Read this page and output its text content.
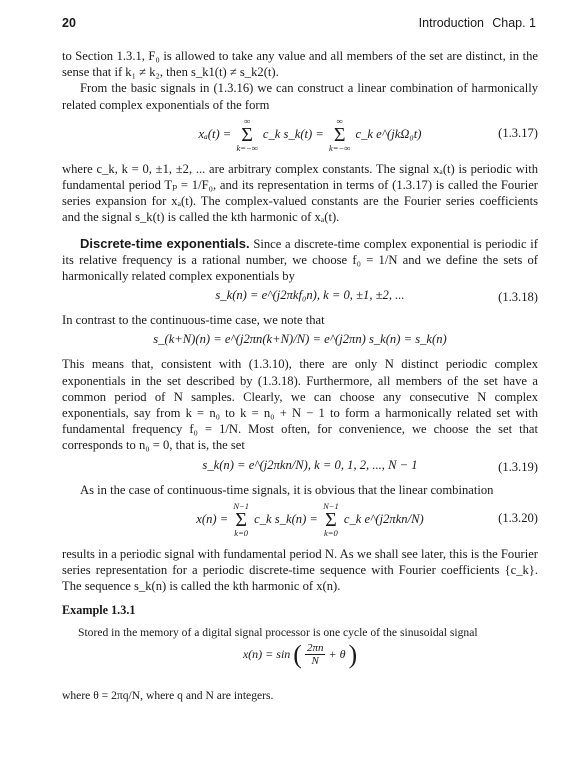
20	Introduction Chap. 1

to Section 1.3.1, F₀ is allowed to take any value and all members of the set are distinct, in the sense that if k₁ ≠ k₂, then s_k1(t) ≠ s_k2(t).

From the basic signals in (1.3.16) we can construct a linear combination of harmonically related complex exponentials of the form

xₐ(t) = ∞
Σ
k=−∞ c_k s_k(t) = ∞
Σ
k=−∞ c_k e^(jkΩ₀t)	(1.3.17)

where c_k, k = 0, ±1, ±2, ... are arbitrary complex constants. The signal xₐ(t) is periodic with fundamental period Tₚ = 1/F₀, and its representation in terms of (1.3.17) is called the Fourier series expansion for xₐ(t). The complex-valued constants are the Fourier series coefficients and the signal s_k(t) is called the kth harmonic of xₐ(t).

Discrete-time exponentials. Since a discrete-time complex exponential is periodic if its relative frequency is a rational number, we choose f₀ = 1/N and we define the sets of harmonically related complex exponentials by

s_k(n) = e^(j2πkf₀n), k = 0, ±1, ±2, ...	(1.3.18)

In contrast to the continuous-time case, we note that

s_(k+N)(n) = e^(j2πn(k+N)/N) = e^(j2πn) s_k(n) = s_k(n)

This means that, consistent with (1.3.10), there are only N distinct periodic complex exponentials in the set described by (1.3.18). Furthermore, all members of the set have a common period of N samples. Clearly, we can choose any consecutive N complex exponentials, say from k = n₀ to k = n₀ + N − 1 to form a harmonically related set with fundamental frequency f₀ = 1/N. Most often, for convenience, we choose the set that corresponds to n₀ = 0, that is, the set

s_k(n) = e^(j2πkn/N), k = 0, 1, 2, ..., N − 1	(1.3.19)

As in the case of continuous-time signals, it is obvious that the linear combination

x(n) = N−1
Σ
k=0 c_k s_k(n) = N−1
Σ
k=0 c_k e^(j2πkn/N)	(1.3.20)

results in a periodic signal with fundamental period N. As we shall see later, this is the Fourier series representation for a periodic discrete-time sequence with Fourier coefficients {c_k}. The sequence s_k(n) is called the kth harmonic of x(n).

Example 1.3.1

Stored in the memory of a digital signal processor is one cycle of the sinusoidal signal

x(n) = sin ( $\frac{2\pi n}{N} + \theta$ )

where θ = 2πq/N, where q and N are integers.
